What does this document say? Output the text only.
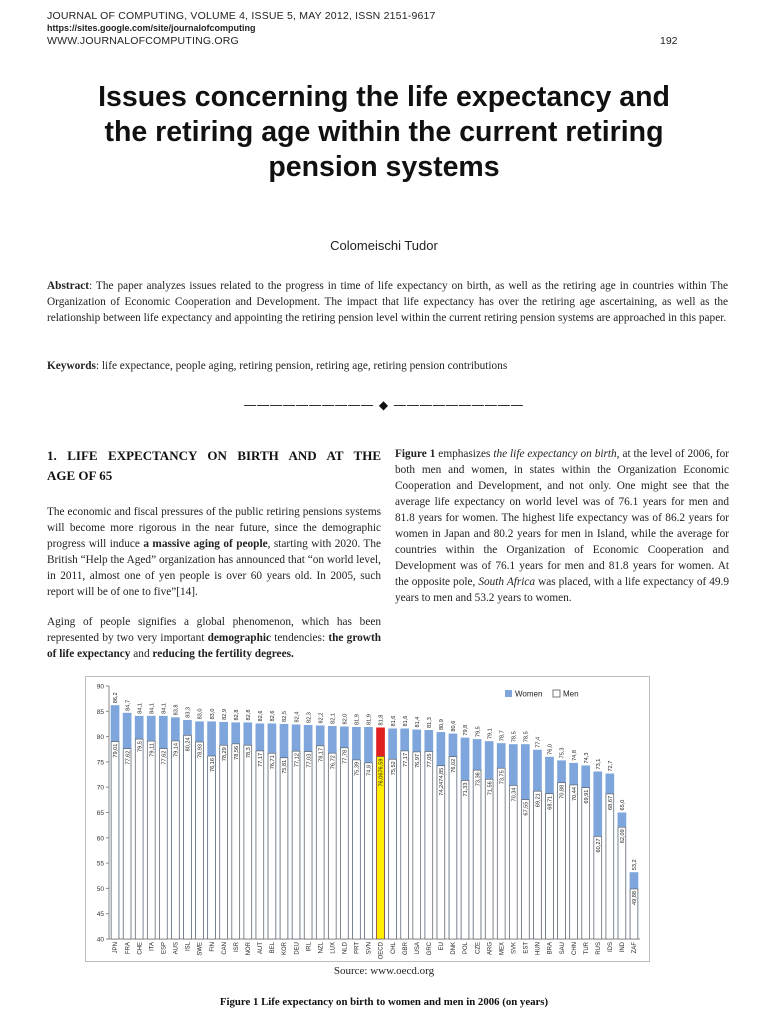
JOURNAL OF COMPUTING, VOLUME 4, ISSUE 5, MAY 2012, ISSN 2151-9617
https://sites.google.com/site/journalofcomputing
WWW.JOURNALOFCOMPUTING.ORG	192
Issues concerning the life expectancy and
the retiring age within the current retiring
pension systems
Colomeischi Tudor

Abstract: The paper analyzes issues related to the progress in time of life expectancy on birth, as well as the retiring age in countries within The Organization of Economic Cooperation and Development. The impact that life expectancy has over the retiring age ascertaining, as well as the relationship between life expectancy and appointing the retiring pension level within the current retiring pension systems are approached in this paper.

Keywords: life expectance, people aging, retiring pension, retiring age, retiring pension contributions

―――――――――― ◆ ――――――――――
1. LIFE EXPECTANCY ON BIRTH AND AT THE
AGE OF 65

The economic and fiscal pressures of the public retiring pensions systems will become more rigorous in the near future, since the demographic progress will induce a massive aging of people, starting with 2020. The British “Help the Aged” organization has announced that “on world level, in 2011, almost one of yen people is over 60 years old. In 2005, such report will be of one to five”[14].

Aging of people signifies a global phenomenon, which has been represented by two very important demographic tendencies: the growth of life expectancy and reducing the fertility degrees.

Figure 1 emphasizes the life expectancy on birth, at the level of 2006, for both men and women, in states within the Organization Economic Cooperation and Development, and not only. One might see that the average life expectancy on world level was of 76.1 years for men and 81.8 years for women. The highest life expectancy was of 86.2 years for women in Japan and 80.2 years for men in Island, while the average for countries within the Organization of Economic Cooperation and Development was of 76.1 years for men and 81.8 years for women. At the opposite pole, South Africa was placed, with a life expectancy of 49.9 years to men and 53.2 years to women.

40
45
50
55
60
65
70
75
80
85
90
86,2
79,01
JPN
84,7
77,62
FRA
84,1
79,5
CHE
84,1
79,11
ITA
84,1
77,62
ESP
83,8
79,14
AUS
83,3
80,24
ISL
83,0
78,93
SWE
83,0
76,16
FIN
82,9
78,29
CAN
82,8
78,56
ISR
82,8
78,3
NOR
82,6
77,17
AUT
82,6
76,71
BEL
82,5
75,81
KOR
82,4
77,12
DEU
82,3
77,03
IRL
82,2
78,17
NZL
82,1
76,72
LUX
82,0
77,78
NLD
81,9
75,39
PRT
81,9
74,8
SVN
81,8
76,0676,59
OECD
81,6
75,52
CHL
81,6
77,17
GBR
81,4
76,97
USA
81,3
77,05
GRC
80,9
74,2474,85
EU
80,6
76,02
DNK
79,8
71,33
POL
79,5
73,36
CZE
79,1
71,56
ARG
78,7
73,75
MEX
78,5
70,34
SVK
78,5
67,55
EST
77,4
69,21
HUN
76,0
68,71
BRA
75,3
70,88
SAU
74,8
70,44
CHN
74,3
69,91
TUR
73,1
60,27
RUS
72,7
68,67
IDS
65,0
62,09
IND
53,2
49,88
ZAF
Women	Men
Source: www.oecd.org
Figure 1 Life expectancy on birth to women and men in 2006 (on years)
